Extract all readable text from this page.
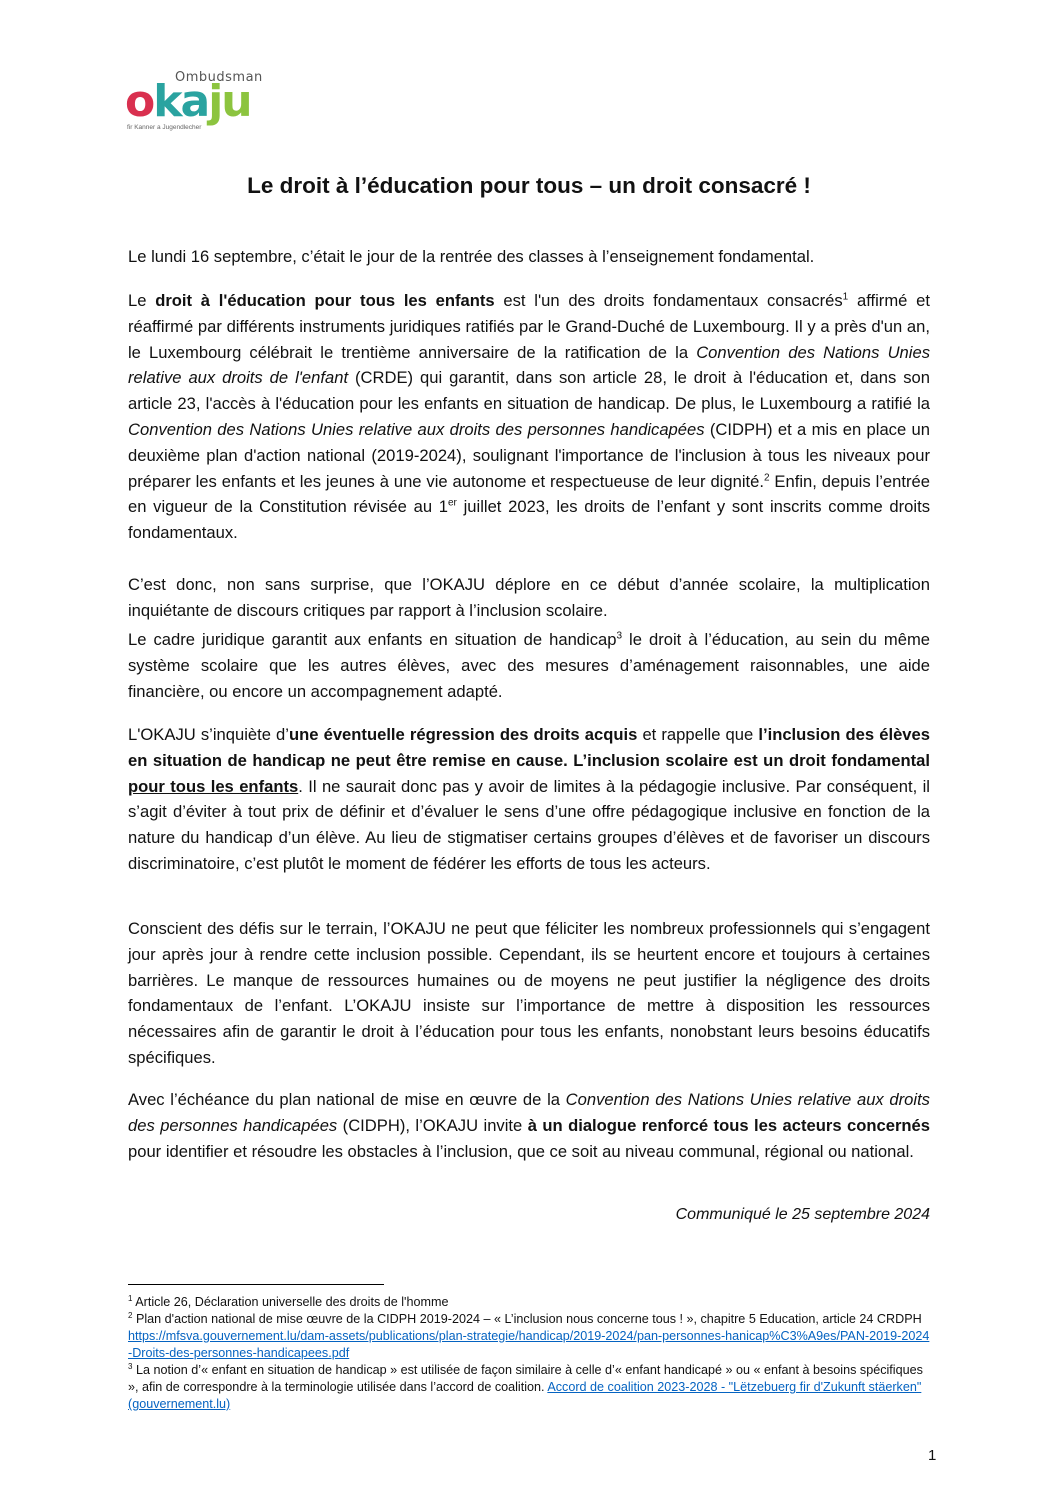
Ombudsman
okaju
fir Kanner a Jugendlecher
Le droit à l’éducation pour tous – un droit consacré !

Le lundi 16 septembre, c’était le jour de la rentrée des classes à l’enseignement fondamental.

Le droit à l'éducation pour tous les enfants est l'un des droits fondamentaux consacrés$^1$ affirmé et réaffirmé par différents instruments juridiques ratifiés par le Grand-Duché de Luxembourg. Il y a près d'un an, le Luxembourg célébrait le trentième anniversaire de la ratification de la Convention des Nations Unies relative aux droits de l'enfant (CRDE) qui garantit, dans son article 28, le droit à l'éducation et, dans son article 23, l'accès à l'éducation pour les enfants en situation de handicap. De plus, le Luxembourg a ratifié la Convention des Nations Unies relative aux droits des personnes handicapées (CIDPH) et a mis en place un deuxième plan d'action national (2019-2024), soulignant l'importance de l'inclusion à tous les niveaux pour préparer les enfants et les jeunes à une vie autonome et respectueuse de leur dignité.$^2$ Enfin, depuis l’entrée en vigueur de la Constitution révisée au 1er juillet 2023, les droits de l’enfant y sont inscrits comme droits fondamentaux.

C’est donc, non sans surprise, que l’OKAJU déplore en ce début d’année scolaire, la multiplication inquiétante de discours critiques par rapport à l’inclusion scolaire.

Le cadre juridique garantit aux enfants en situation de handicap$^3$ le droit à l’éducation, au sein du même système scolaire que les autres élèves, avec des mesures d’aménagement raisonnables, une aide financière, ou encore un accompagnement adapté.

L'OKAJU s’inquiète d’une éventuelle régression des droits acquis et rappelle que l’inclusion des élèves en situation de handicap ne peut être remise en cause. L’inclusion scolaire est un droit fondamental pour tous les enfants. Il ne saurait donc pas y avoir de limites à la pédagogie inclusive. Par conséquent, il s’agit d’éviter à tout prix de définir et d’évaluer le sens d’une offre pédagogique inclusive en fonction de la nature du handicap d’un élève. Au lieu de stigmatiser certains groupes d’élèves et de favoriser un discours discriminatoire, c’est plutôt le moment de fédérer les efforts de tous les acteurs.

Conscient des défis sur le terrain, l’OKAJU ne peut que féliciter les nombreux professionnels qui s’engagent jour après jour à rendre cette inclusion possible. Cependant, ils se heurtent encore et toujours à certaines barrières. Le manque de ressources humaines ou de moyens ne peut justifier la négligence des droits fondamentaux de l’enfant. L’OKAJU insiste sur l’importance de mettre à disposition les ressources nécessaires afin de garantir le droit à l’éducation pour tous les enfants, nonobstant leurs besoins éducatifs spécifiques.

Avec l’échéance du plan national de mise en œuvre de la Convention des Nations Unies relative aux droits des personnes handicapées (CIDPH), l’OKAJU invite à un dialogue renforcé tous les acteurs concernés pour identifier et résoudre les obstacles à l’inclusion, que ce soit au niveau communal, régional ou national.

Communiqué le 25 septembre 2024
$^1$ Article 26, Déclaration universelle des droits de l'homme
$^2$ Plan d'action national de mise œuvre de la CIDPH 2019-2024 – « L’inclusion nous concerne tous ! », chapitre 5 Education, article 24 CRDPH https://mfsva.gouvernement.lu/dam-assets/publications/plan-strategie/handicap/2019-2024/pan-personnes-hanicap%C3%A9es/PAN-2019-2024-Droits-des-personnes-handicapees.pdf
$^3$ La notion d’« enfant en situation de handicap » est utilisée de façon similaire à celle d’« enfant handicapé » ou « enfant à besoins spécifiques », afin de correspondre à la terminologie utilisée dans l’accord de coalition. Accord de coalition 2023-2028 - "Lëtzebuerg fir d'Zukunft stäerken" (gouvernement.lu)
1
